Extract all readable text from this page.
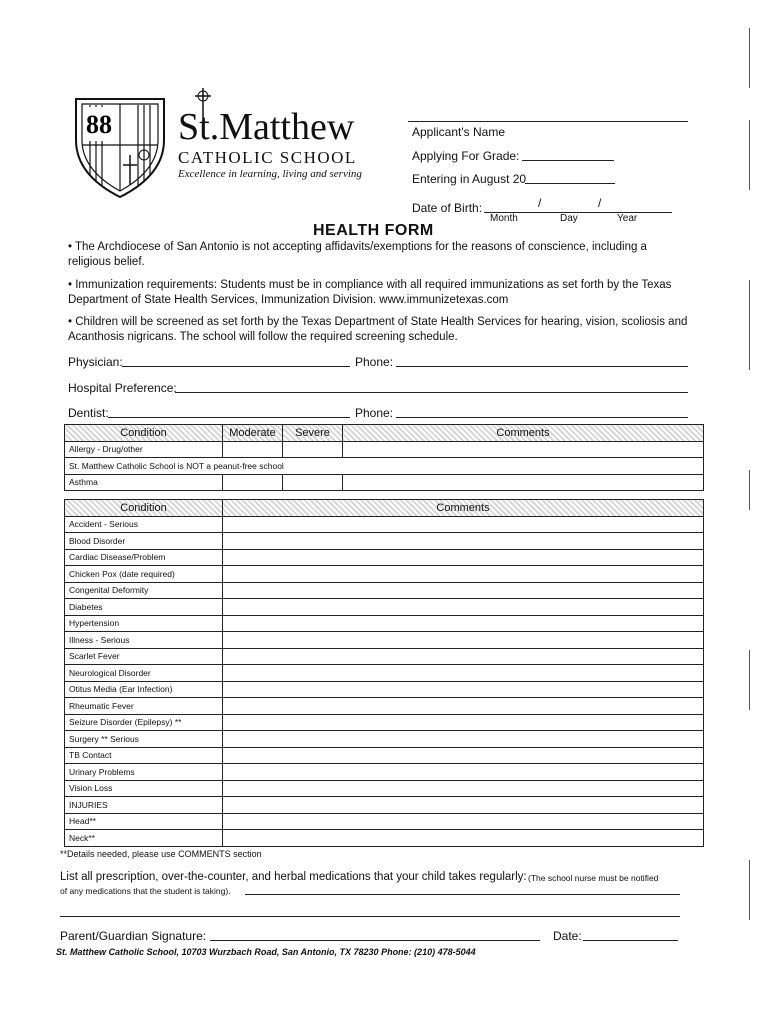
88 St.Matthew
CATHOLIC SCHOOL
Excellence in learning, living and serving
Applicant's Name
Applying For Grade:
Entering in August 20
Date of Birth:	/	/
Month	Day	Year
HEALTH FORM
• The Archdiocese of San Antonio is not accepting affidavits/exemptions for the reasons of conscience, including a religious belief.
• Immunization requirements: Students must be in compliance with all required immunizations as set forth by the Texas Department of State Health Services, Immunization Division. www.immunizetexas.com
• Children will be screened as set forth by the Texas Department of State Health Services for hearing, vision, scoliosis and Acanthosis nigricans. The school will follow the required screening schedule.
Physician:	Phone:
Hospital Preference:
Dentist:	Phone:
Condition	Moderate	Severe	Comments
Allergy - Drug/other			
St. Matthew Catholic School is NOT a peanut-free school			
Asthma			
Condition	Comments
Accident - Serious	
Blood Disorder	
Cardiac Disease/Problem	
Chicken Pox (date required)	
Congenital Deformity	
Diabetes	
Hypertension	
Illness - Serious	
Scarlet Fever	
Neurological Disorder	
Otitus Media (Ear Infection)	
Rheumatic Fever	
Seizure Disorder (Epilepsy) **	
Surgery ** Serious	
TB Contact	
Urinary Problems	
Vision Loss	
INJURIES	
Head**	
Neck**	
**Details needed, please use COMMENTS section
List all prescription, over-the-counter, and herbal medications that your child takes regularly: (The school nurse must be notified
of any medications that the student is taking).
Parent/Guardian Signature:	Date:
St. Matthew Catholic School, 10703 Wurzbach Road, San Antonio, TX 78230 Phone: (210) 478-5044
